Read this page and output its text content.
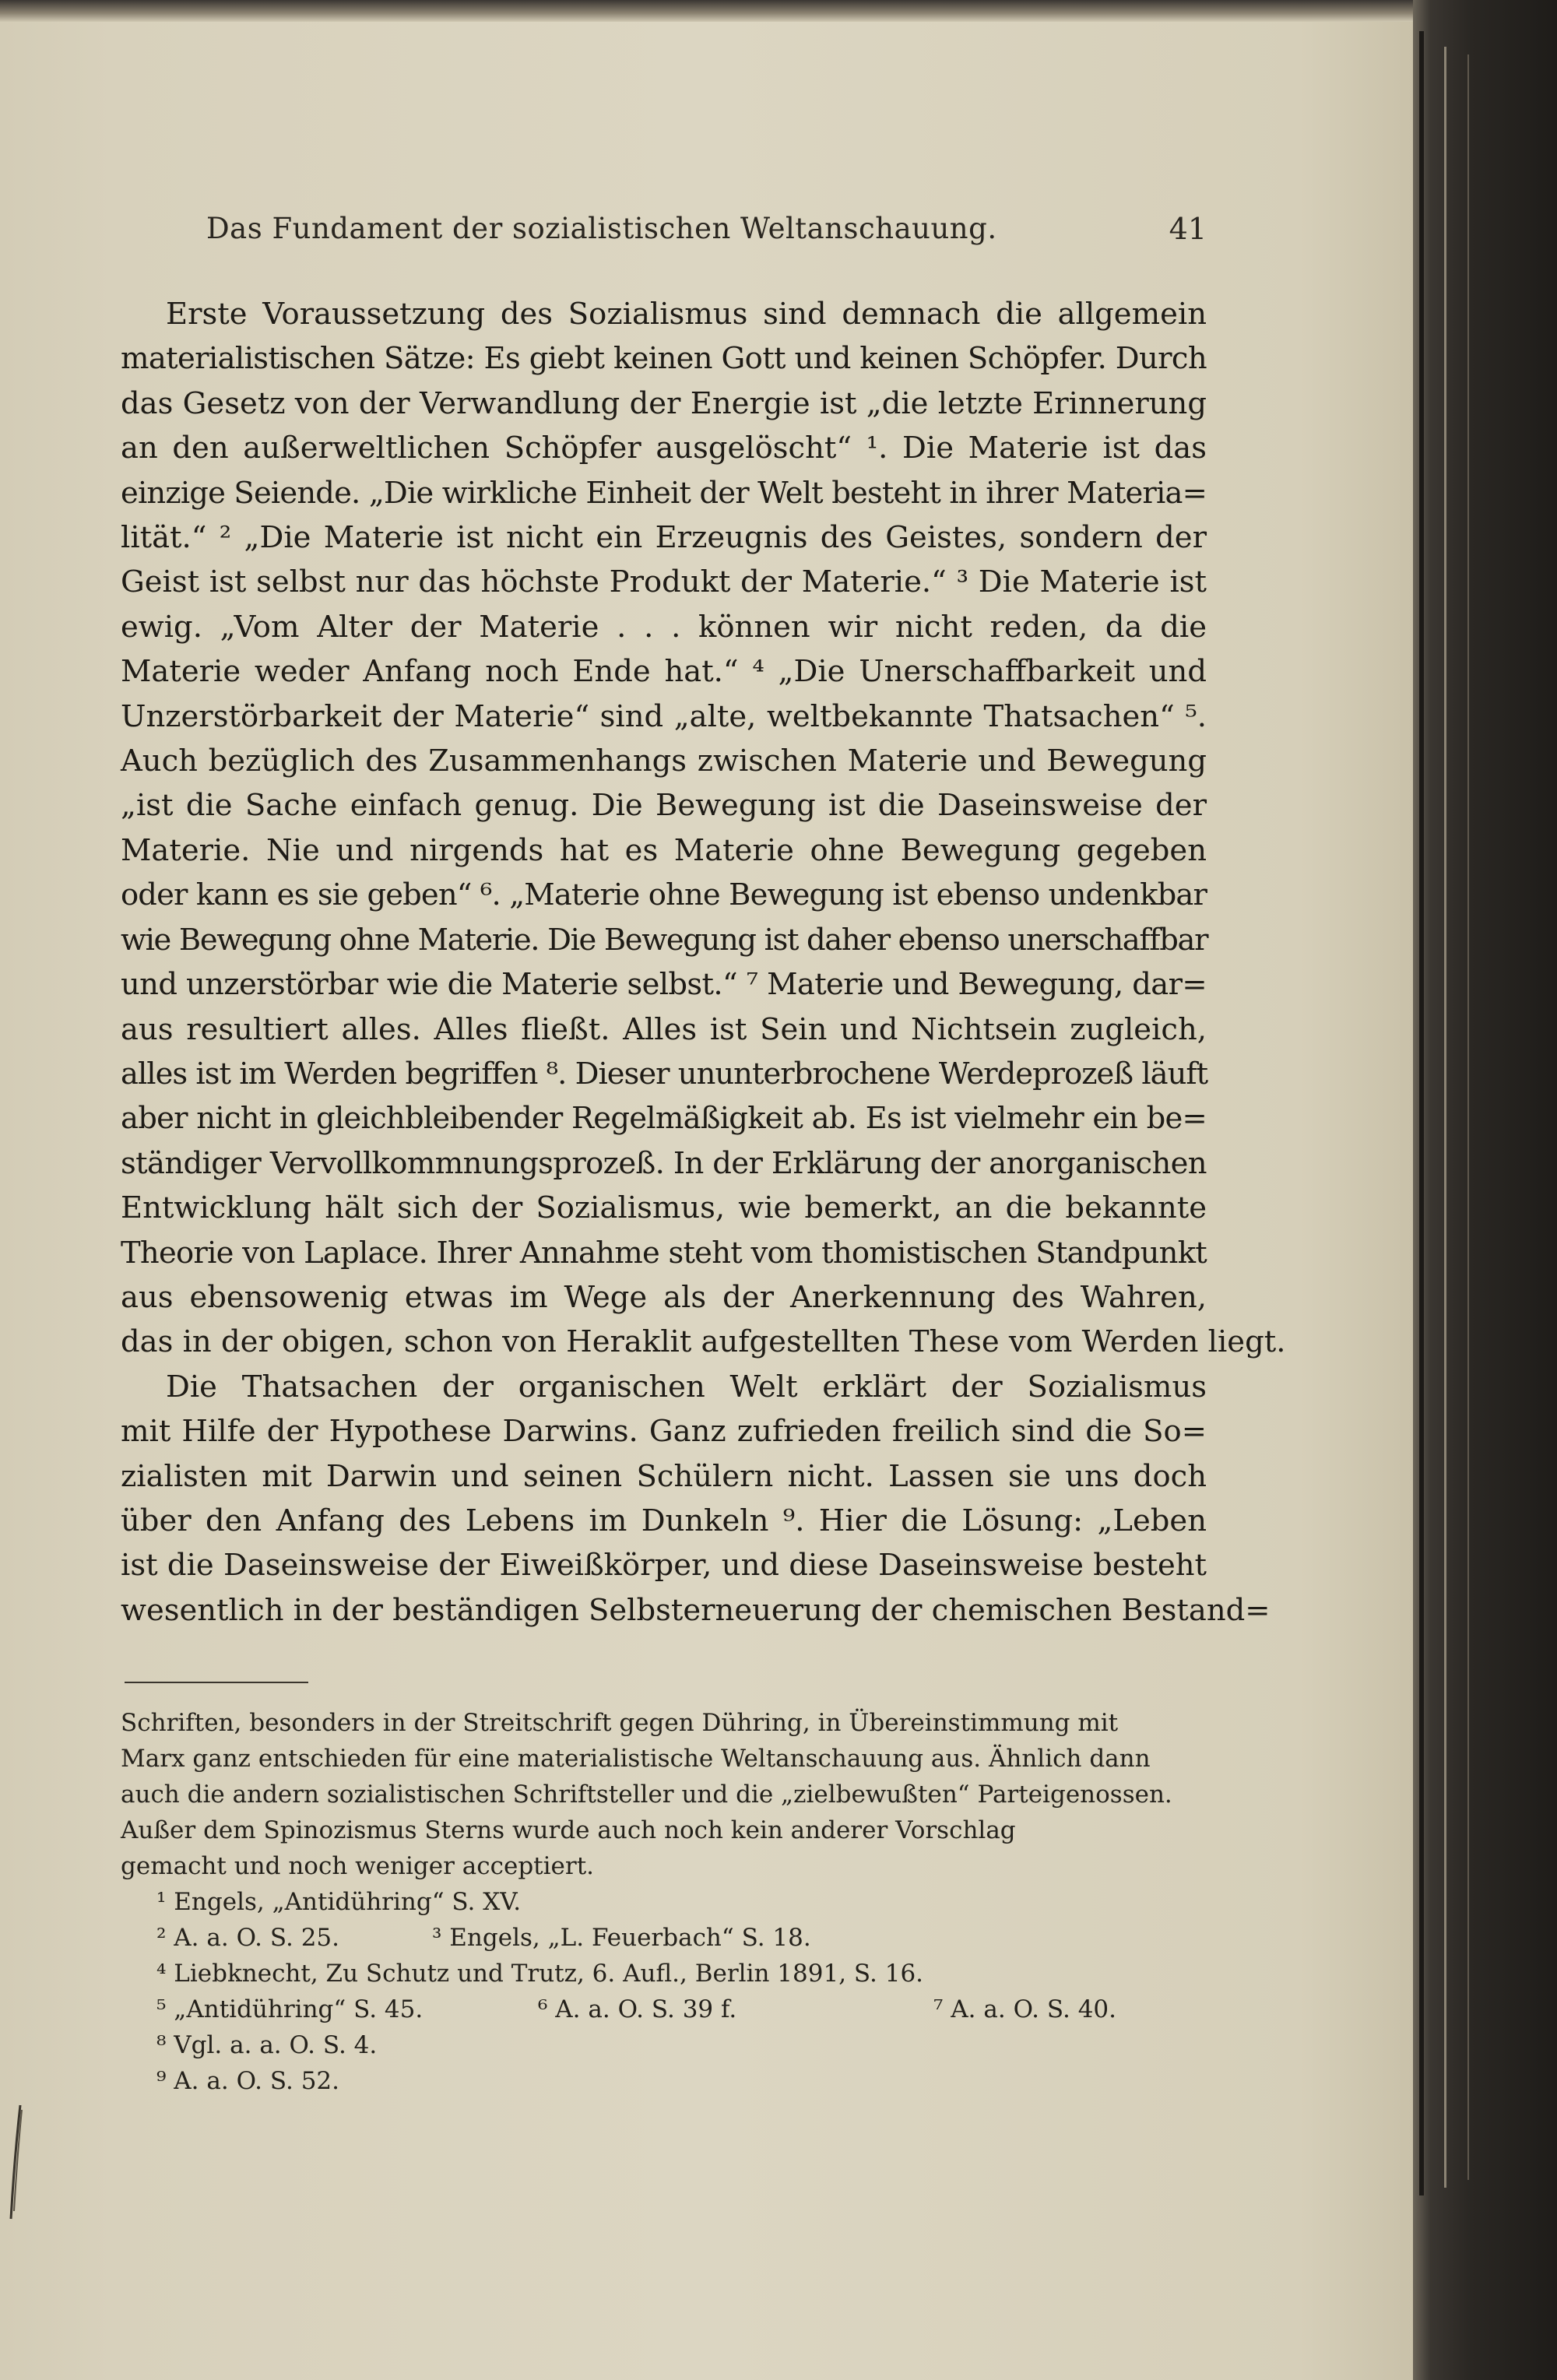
Das Fundament der sozialistischen Weltanschauung.	41
Erste Voraussetzung des Sozialismus sind demnach die allgemein
materialistischen Sätze: Es giebt keinen Gott und keinen Schöpfer. Durch
das Gesetz von der Verwandlung der Energie ist „die letzte Erinnerung
an den außerweltlichen Schöpfer ausgelöscht“ ¹. Die Materie ist das
einzige Seiende. „Die wirkliche Einheit der Welt besteht in ihrer Materia=
lität.“ ² „Die Materie ist nicht ein Erzeugnis des Geistes, sondern der
Geist ist selbst nur das höchste Produkt der Materie.“ ³ Die Materie ist
ewig. „Vom Alter der Materie . . . können wir nicht reden, da die
Materie weder Anfang noch Ende hat.“ ⁴ „Die Unerschaffbarkeit und
Unzerstörbarkeit der Materie“ sind „alte, weltbekannte Thatsachen“ ⁵.
Auch bezüglich des Zusammenhangs zwischen Materie und Bewegung
„ist die Sache einfach genug. Die Bewegung ist die Daseinsweise der
Materie. Nie und nirgends hat es Materie ohne Bewegung gegeben
oder kann es sie geben“ ⁶. „Materie ohne Bewegung ist ebenso undenkbar
wie Bewegung ohne Materie. Die Bewegung ist daher ebenso unerschaffbar
und unzerstörbar wie die Materie selbst.“ ⁷ Materie und Bewegung, dar=
aus resultiert alles. Alles fließt. Alles ist Sein und Nichtsein zugleich,
alles ist im Werden begriffen ⁸. Dieser ununterbrochene Werdeprozeß läuft
aber nicht in gleichbleibender Regelmäßigkeit ab. Es ist vielmehr ein be=
ständiger Vervollkommnungsprozeß. In der Erklärung der anorganischen
Entwicklung hält sich der Sozialismus, wie bemerkt, an die bekannte
Theorie von Laplace. Ihrer Annahme steht vom thomistischen Standpunkt
aus ebensowenig etwas im Wege als der Anerkennung des Wahren,
das in der obigen, schon von Heraklit aufgestellten These vom Werden liegt.
Die Thatsachen der organischen Welt erklärt der Sozialismus
mit Hilfe der Hypothese Darwins. Ganz zufrieden freilich sind die So=
zialisten mit Darwin und seinen Schülern nicht. Lassen sie uns doch
über den Anfang des Lebens im Dunkeln ⁹. Hier die Lösung: „Leben
ist die Daseinsweise der Eiweißkörper, und diese Daseinsweise besteht
wesentlich in der beständigen Selbsterneuerung der chemischen Bestand=
Schriften, besonders in der Streitschrift gegen Dühring, in Übereinstimmung mit
Marx ganz entschieden für eine materialistische Weltanschauung aus. Ähnlich dann
auch die andern sozialistischen Schriftsteller und die „zielbewußten“ Parteigenossen.
Außer dem Spinozismus Sterns wurde auch noch kein anderer Vorschlag
gemacht und noch weniger acceptiert.
¹ Engels, „Antidühring“ S. XV.
² A. a. O. S. 25.	³ Engels, „L. Feuerbach“ S. 18.
⁴ Liebknecht, Zu Schutz und Trutz, 6. Aufl., Berlin 1891, S. 16.
⁵ „Antidühring“ S. 45.	⁶ A. a. O. S. 39 f.	⁷ A. a. O. S. 40.
⁸ Vgl. a. a. O. S. 4.
⁹ A. a. O. S. 52.
